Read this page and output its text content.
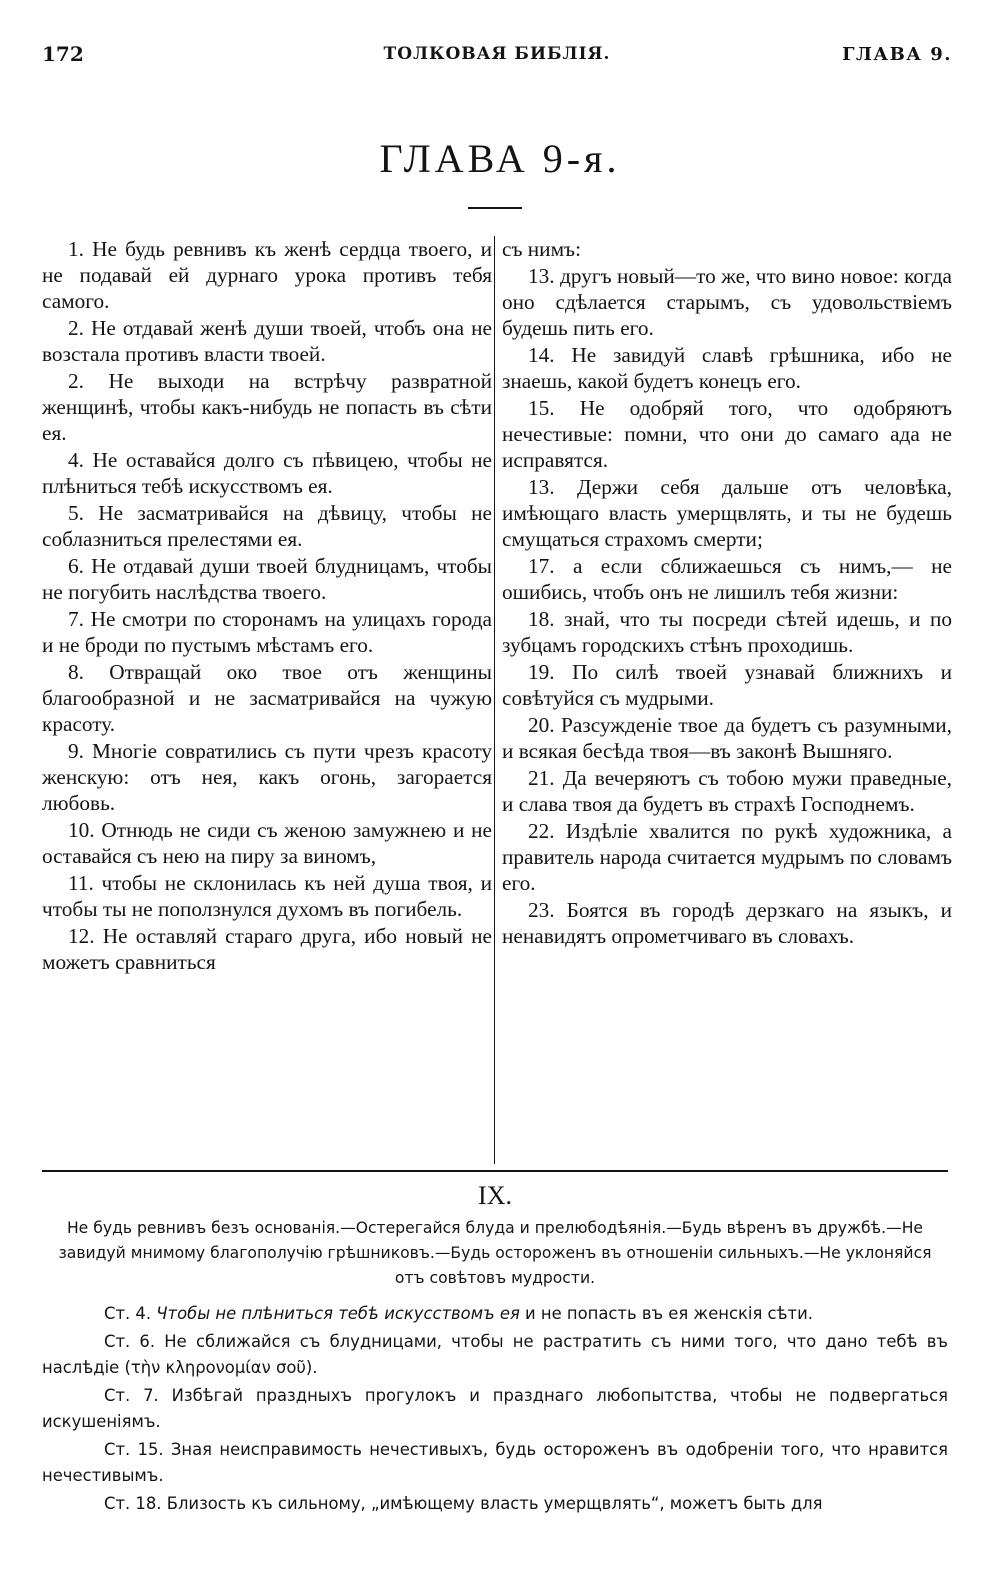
172	ТОЛКОВАЯ БИБЛІЯ.	ГЛАВА 9.
ГЛАВА 9-я.

1. Не будь ревнивъ къ женѣ сердца твоего, и не подавай ей дурнаго урока противъ тебя самого.

2. Не отдавай женѣ души твоей, чтобъ она не возстала противъ власти твоей.

2. Не выходи на встрѣчу развратной женщинѣ, чтобы какъ-нибудь не попасть въ сѣти ея.

4. Не оставайся долго съ пѣвицею, чтобы не плѣниться тебѣ искусствомъ ея.

5. Не засматривайся на дѣвицу, чтобы не соблазниться прелестями ея.

6. Не отдавай души твоей блудницамъ, чтобы не погубить наслѣдства твоего.

7. Не смотри по сторонамъ на улицахъ города и не броди по пустымъ мѣстамъ его.

8. Отвращай око твое отъ женщины благообразной и не засматривайся на чужую красоту.

9. Многіе совратились съ пути чрезъ красоту женскую: отъ нея, какъ огонь, загорается любовь.

10. Отнюдь не сиди съ женою замужнею и не оставайся съ нею на пиру за виномъ,

11. чтобы не склонилась къ ней душа твоя, и чтобы ты не поползнулся духомъ въ погибель.

12. Не оставляй стараго друга, ибо новый не можетъ сравниться

съ нимъ:

13. другъ новый—то же, что вино новое: когда оно сдѣлается старымъ, съ удовольствіемъ будешь пить его.

14. Не завидуй славѣ грѣшника, ибо не знаешь, какой будетъ конецъ его.

15. Не одобряй того, что одобряютъ нечестивые: помни, что они до самаго ада не исправятся.

13. Держи себя дальше отъ человѣка, имѣющаго власть умерщвлять, и ты не будешь смущаться страхомъ смерти;

17. а если сближаешься съ нимъ,— не ошибись, чтобъ онъ не лишилъ тебя жизни:

18. знай, что ты посреди сѣтей идешь, и по зубцамъ городскихъ стѣнъ проходишь.

19. По силѣ твоей узнавай ближнихъ и совѣтуйся съ мудрыми.

20. Разсужденіе твое да будетъ съ разумными, и всякая бесѣда твоя—въ законѣ Вышняго.

21. Да вечеряютъ съ тобою мужи праведные, и слава твоя да будетъ въ страхѣ Господнемъ.

22. Издѣліе хвалится по рукѣ художника, а правитель народа считается мудрымъ по словамъ его.

23. Боятся въ городѣ дерзкаго на языкъ, и ненавидятъ опрометчиваго въ словахъ.

IX.
Не будь ревнивъ безъ основанія.—Остерегайся блуда и прелюбодѣянія.—Будь вѣренъ въ дружбѣ.—Не завидуй мнимому благополучію грѣшниковъ.—Будь остороженъ въ отношеніи сильныхъ.—Не уклоняйся отъ совѣтовъ мудрости.

Ст. 4. Чтобы не плѣниться тебѣ искусствомъ ея и не попасть въ ея женскія сѣти.

Ст. 6. Не сближайся съ блудницами, чтобы не растратить съ ними того, что дано тебѣ въ наслѣдіе (τὴν κληρονομίαν σοῦ).

Ст. 7. Избѣгай праздныхъ прогулокъ и празднаго любопытства, чтобы не подвергаться искушеніямъ.

Ст. 15. Зная неисправимость нечестивыхъ, будь остороженъ въ одобреніи того, что нравится нечестивымъ.

Ст. 18. Близость къ сильному, „имѣющему власть умерщвлять“, можетъ быть для
